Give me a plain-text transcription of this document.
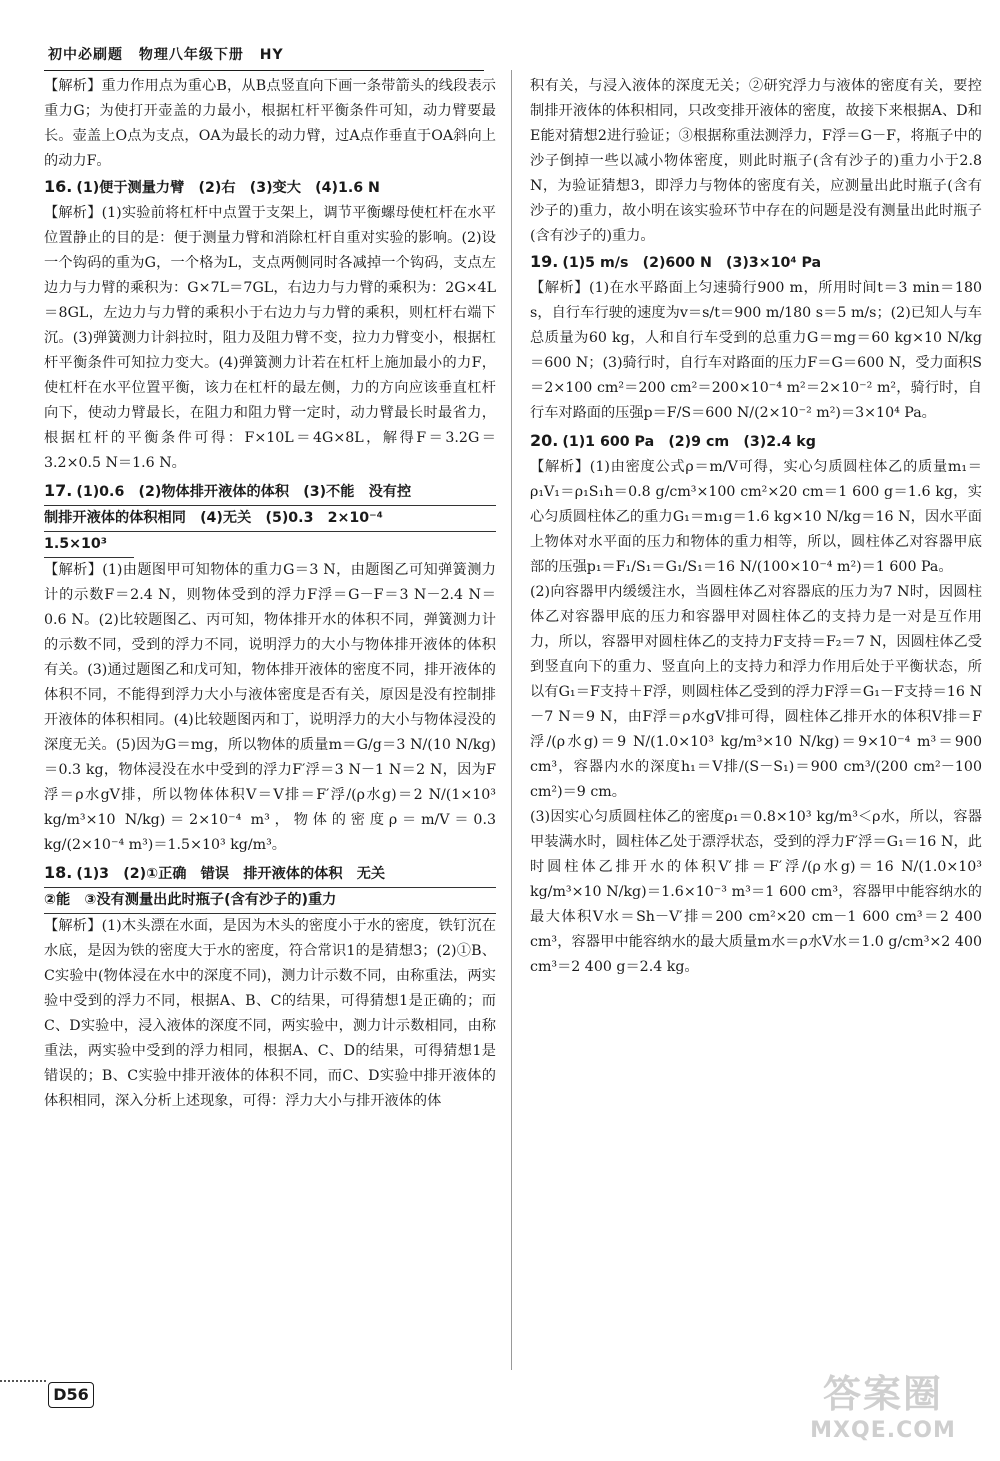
初中必刷题 物理八年级下册 HY

【解析】重力作用点为重心B，从B点竖直向下画一条带箭头的线段表示重力G；为使打开壶盖的力最小，根据杠杆平衡条件可知，动力臂要最长。壶盖上O点为支点，OA为最长的动力臂，过A点作垂直于OA斜向上的动力F。

16. (1)便于测量力臂　(2)右　(3)变大　(4)1.6 N

【解析】(1)实验前将杠杆中点置于支架上，调节平衡螺母使杠杆在水平位置静止的目的是：便于测量力臂和消除杠杆自重对实验的影响。(2)设一个钩码的重为G，一个格为L，支点两侧同时各减掉一个钩码，支点左边力与力臂的乘积为：G×7L＝7GL，右边力与力臂的乘积为：2G×4L＝8GL，左边力与力臂的乘积小于右边力与力臂的乘积，则杠杆右端下沉。(3)弹簧测力计斜拉时，阻力及阻力臂不变，拉力力臂变小，根据杠杆平衡条件可知拉力变大。(4)弹簧测力计若在杠杆上施加最小的力F，使杠杆在水平位置平衡，该力在杠杆的最左侧，力的方向应该垂直杠杆向下，使动力臂最长，在阻力和阻力臂一定时，动力臂最长时最省力，根据杠杆的平衡条件可得：F×10L＝4G×8L，解得F＝3.2G＝3.2×0.5 N＝1.6 N。

17. (1)0.6　(2)物体排开液体的体积　(3)不能　没有控
制排开液体的体积相同　(4)无关　(5)0.3　2×10⁻⁴
1.5×10³

【解析】(1)由题图甲可知物体的重力G＝3 N，由题图乙可知弹簧测力计的示数F＝2.4 N，则物体受到的浮力F浮＝G－F＝3 N－2.4 N＝0.6 N。(2)比较题图乙、丙可知，物体排开水的体积不同，弹簧测力计的示数不同，受到的浮力不同，说明浮力的大小与物体排开液体的体积有关。(3)通过题图乙和戊可知，物体排开液体的密度不同，排开液体的体积不同，不能得到浮力大小与液体密度是否有关，原因是没有控制排开液体的体积相同。(4)比较题图丙和丁，说明浮力的大小与物体浸没的深度无关。(5)因为G＝mg，所以物体的质量m＝G/g＝3 N/(10 N/kg)＝0.3 kg，物体浸没在水中受到的浮力F′浮＝3 N－1 N＝2 N，因为F浮＝ρ水gV排，所以物体体积V＝V排＝F′浮/(ρ水g)＝2 N/(1×10³ kg/m³×10 N/kg)＝2×10⁻⁴ m³，物体的密度ρ＝m/V＝0.3 kg/(2×10⁻⁴ m³)＝1.5×10³ kg/m³。

18. (1)3　(2)①正确　错误　排开液体的体积　无关
②能　③没有测量出此时瓶子(含有沙子的)重力

【解析】(1)木头漂在水面，是因为木头的密度小于水的密度，铁钉沉在水底，是因为铁的密度大于水的密度，符合常识1的是猜想3；(2)①B、C实验中(物体浸在水中的深度不同)，测力计示数不同，由称重法，两实验中受到的浮力不同，根据A、B、C的结果，可得猜想1是正确的；而C、D实验中，浸入液体的深度不同，两实验中，测力计示数相同，由称重法，两实验中受到的浮力相同，根据A、C、D的结果，可得猜想1是错误的；B、C实验中排开液体的体积不同，而C、D实验中排开液体的体积相同，深入分析上述现象，可得：浮力大小与排开液体的体

积有关，与浸入液体的深度无关；②研究浮力与液体的密度有关，要控制排开液体的体积相同，只改变排开液体的密度，故接下来根据A、D和E能对猜想2进行验证；③根据称重法测浮力，F浮＝G－F，将瓶子中的沙子倒掉一些以减小物体密度，则此时瓶子(含有沙子的)重力小于2.8 N，为验证猜想3，即浮力与物体的密度有关，应测量出此时瓶子(含有沙子的)重力，故小明在该实验环节中存在的问题是没有测量出此时瓶子(含有沙子的)重力。

19. (1)5 m/s　(2)600 N　(3)3×10⁴ Pa

【解析】(1)在水平路面上匀速骑行900 m，所用时间t＝3 min＝180 s，自行车行驶的速度为v＝s/t＝900 m/180 s＝5 m/s；(2)已知人与车总质量为60 kg，人和自行车受到的总重力G＝mg＝60 kg×10 N/kg＝600 N；(3)骑行时，自行车对路面的压力F＝G＝600 N，受力面积S＝2×100 cm²＝200 cm²＝200×10⁻⁴ m²＝2×10⁻² m²，骑行时，自行车对路面的压强p＝F/S＝600 N/(2×10⁻² m²)＝3×10⁴ Pa。

20. (1)1 600 Pa　(2)9 cm　(3)2.4 kg

【解析】(1)由密度公式ρ＝m/V可得，实心匀质圆柱体乙的质量m₁＝ρ₁V₁＝ρ₁S₁h＝0.8 g/cm³×100 cm²×20 cm＝1 600 g＝1.6 kg，实心匀质圆柱体乙的重力G₁＝m₁g＝1.6 kg×10 N/kg＝16 N，因水平面上物体对水平面的压力和物体的重力相等，所以，圆柱体乙对容器甲底部的压强p₁＝F₁/S₁＝G₁/S₁＝16 N/(100×10⁻⁴ m²)＝1 600 Pa。

(2)向容器甲内缓缓注水，当圆柱体乙对容器底的压力为7 N时，因圆柱体乙对容器甲底的压力和容器甲对圆柱体乙的支持力是一对是互作用力，所以，容器甲对圆柱体乙的支持力F支持＝F₂＝7 N，因圆柱体乙受到竖直向下的重力、竖直向上的支持力和浮力作用后处于平衡状态，所以有G₁＝F支持＋F浮，则圆柱体乙受到的浮力F浮＝G₁－F支持＝16 N－7 N＝9 N，由F浮＝ρ水gV排可得，圆柱体乙排开水的体积V排＝F浮/(ρ水g)＝9 N/(1.0×10³ kg/m³×10 N/kg)＝9×10⁻⁴ m³＝900 cm³，容器内水的深度h₁＝V排/(S－S₁)＝900 cm³/(200 cm²－100 cm²)＝9 cm。

(3)因实心匀质圆柱体乙的密度ρ₁＝0.8×10³ kg/m³＜ρ水，所以，容器甲装满水时，圆柱体乙处于漂浮状态，受到的浮力F′浮＝G₁＝16 N，此时圆柱体乙排开水的体积V′排＝F′浮/(ρ水g)＝16 N/(1.0×10³ kg/m³×10 N/kg)＝1.6×10⁻³ m³＝1 600 cm³，容器甲中能容纳水的最大体积V水＝Sh－V′排＝200 cm²×20 cm－1 600 cm³＝2 400 cm³，容器甲中能容纳水的最大质量m水＝ρ水V水＝1.0 g/cm³×2 400 cm³＝2 400 g＝2.4 kg。

D56	答案圈
MXQE.COM
